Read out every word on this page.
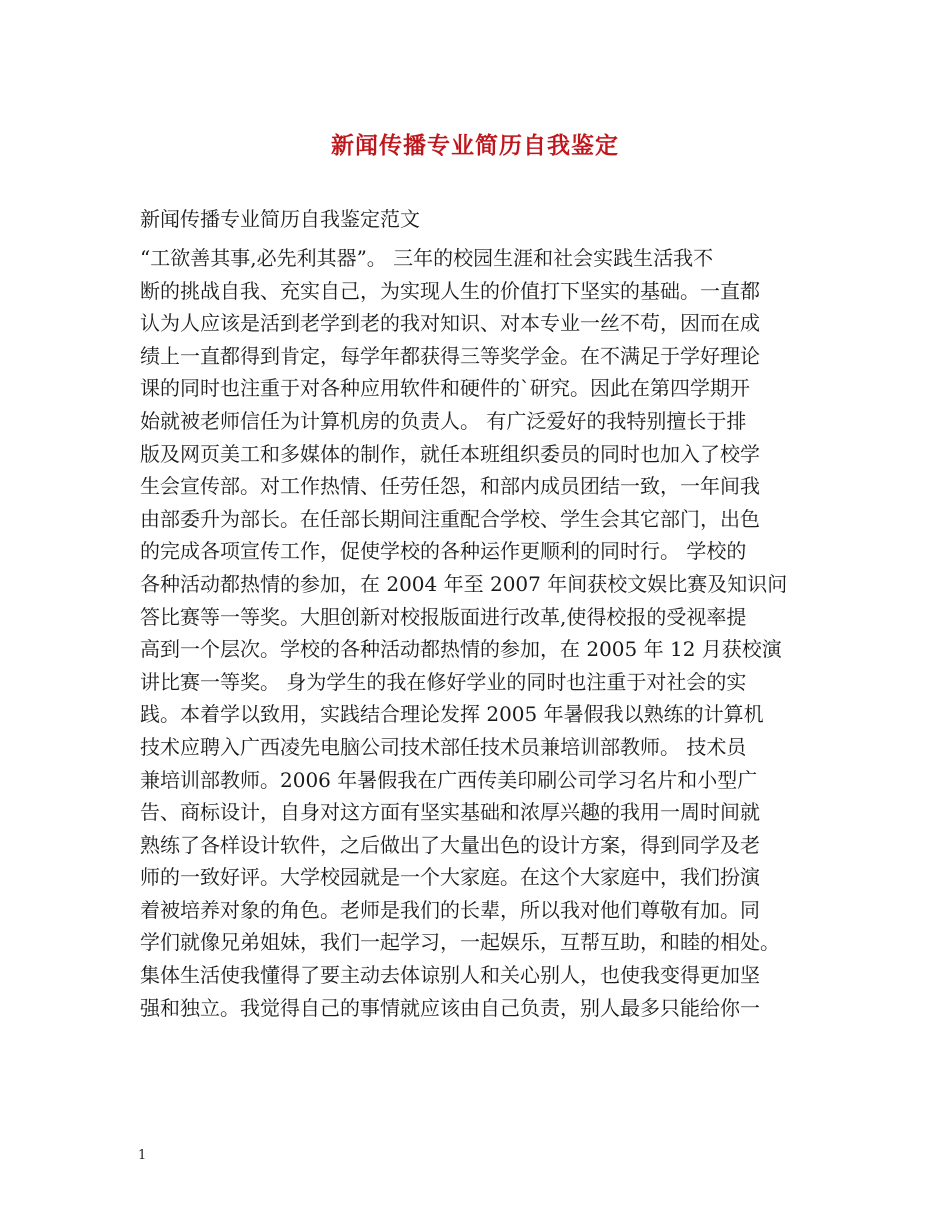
新闻传播专业简历自我鉴定

新闻传播专业简历自我鉴定范文

“工欲善其事,必先利其器”。 三年的校园生涯和社会实践生活我不
断的挑战自我、充实自己，为实现人生的价值打下坚实的基础。一直都
认为人应该是活到老学到老的我对知识、对本专业一丝不苟，因而在成
绩上一直都得到肯定，每学年都获得三等奖学金。在不满足于学好理论
课的同时也注重于对各种应用软件和硬件的`研究。因此在第四学期开
始就被老师信任为计算机房的负责人。 有广泛爱好的我特别擅长于排
版及网页美工和多媒体的制作，就任本班组织委员的同时也加入了校学
生会宣传部。对工作热情、任劳任怨，和部内成员团结一致，一年间我
由部委升为部长。在任部长期间注重配合学校、学生会其它部门，出色
的完成各项宣传工作，促使学校的各种运作更顺利的同时行。 学校的
各种活动都热情的参加，在 2004 年至 2007 年间获校文娱比赛及知识问
答比赛等一等奖。大胆创新对校报版面进行改革,使得校报的受视率提
高到一个层次。学校的各种活动都热情的参加，在 2005 年 12 月获校演
讲比赛一等奖。 身为学生的我在修好学业的同时也注重于对社会的实
践。本着学以致用，实践结合理论发挥 2005 年暑假我以熟练的计算机
技术应聘入广西凌先电脑公司技术部任技术员兼培训部教师。 技术员
兼培训部教师。2006 年暑假我在广西传美印刷公司学习名片和小型广
告、商标设计，自身对这方面有坚实基础和浓厚兴趣的我用一周时间就
熟练了各样设计软件，之后做出了大量出色的设计方案，得到同学及老
师的一致好评。大学校园就是一个大家庭。在这个大家庭中，我们扮演
着被培养对象的角色。老师是我们的长辈，所以我对他们尊敬有加。同
学们就像兄弟姐妹，我们一起学习，一起娱乐，互帮互助，和睦的相处。
集体生活使我懂得了要主动去体谅别人和关心别人，也使我变得更加坚
强和独立。我觉得自己的事情就应该由自己负责，别人最多只能给你一
1
